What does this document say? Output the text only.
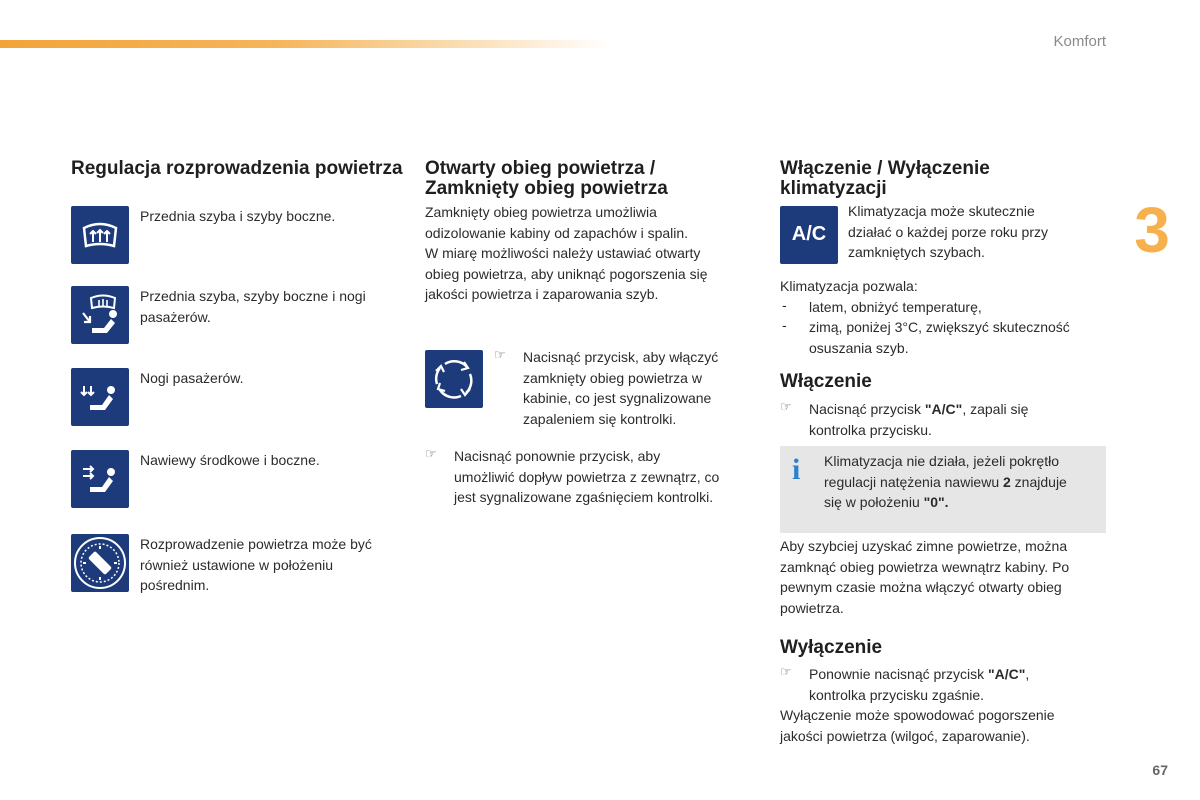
Komfort
3
67
Regulacja rozprowadzenia powietrza
Przednia szyba i szyby boczne.
Przednia szyba, szyby boczne i nogi pasażerów.
Nogi pasażerów.
Nawiewy środkowe i boczne.
Rozprowadzenie powietrza może być również ustawione w położeniu pośrednim.
Otwarty obieg powietrza /
Zamknięty obieg powietrza

Zamknięty obieg powietrza umożliwia

odizolowanie kabiny od zapachów i spalin.

W miarę możliwości należy ustawiać otwarty

obieg powietrza, aby uniknąć pogorszenia się

jakości powietrza i zaparowania szyb.

☞ Nacisnąć przycisk, aby włączyć

zamknięty obieg powietrza w

kabinie, co jest sygnalizowane

zapaleniem się kontrolki.

☞ Nacisnąć ponownie przycisk, aby

umożliwić dopływ powietrza z zewnątrz, co

jest sygnalizowane zgaśnięciem kontrolki.

Włączenie / Wyłączenie
klimatyzacji
A/C

Klimatyzacja może skutecznie

działać o każdej porze roku przy

zamkniętych szybach.

Klimatyzacja pozwala:

- latem, obniżyć temperaturę,

- zimą, poniżej 3°C, zwiększyć skuteczność

osuszania szyb.

Włączenie
☞ Nacisnąć przycisk "A/C", zapali się

kontrolka przycisku.

i Klimatyzacja nie działa, jeżeli pokrętło
regulacji natężenia nawiewu 2 znajduje
się w położeniu "0".

Aby szybciej uzyskać zimne powietrze, można

zamknąć obieg powietrza wewnątrz kabiny. Po

pewnym czasie można włączyć otwarty obieg

powietrza.

Wyłączenie
☞ Ponownie nacisnąć przycisk "A/C",

kontrolka przycisku zgaśnie.

Wyłączenie może spowodować pogorszenie

jakości powietrza (wilgoć, zaparowanie).
